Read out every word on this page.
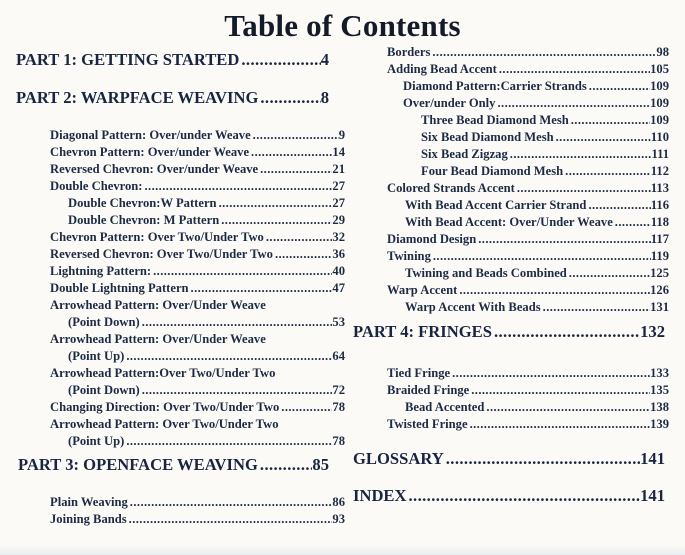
Table of Contents
PART 1: GETTING STARTED .....	4
PART 2: WARPFACE WEAVING .....	8
Diagonal Pattern: Over/under Weave .....	9
Chevron Pattern: Over/under Weave .....	14
Reversed Chevron: Over/under Weave .....	21
Double Chevron: .....	27
Double Chevron:W Pattern .....	27
Double Chevron: M Pattern .....	29
Chevron Pattern: Over Two/Under Two .....	32
Reversed Chevron: Over Two/Under Two .....	36
Lightning Pattern: .....	40
Double Lightning Pattern .....	47
Arrowhead Pattern: Over/Under Weave
(Point Down) .....	53
Arrowhead Pattern: Over/Under Weave
(Point Up) .....	64
Arrowhead Pattern:Over Two/Under Two
(Point Down) .....	72
Changing Direction: Over Two/Under Two .....	78
Arrowhead Pattern: Over Two/Under Two
(Point Up) .....	78
PART 3: OPENFACE WEAVING .....	85
Plain Weaving .....	86
Joining Bands .....	93
Borders .....	98
Adding Bead Accent .....	105
Diamond Pattern:Carrier Strands .....	109
Over/under Only .....	109
Three Bead Diamond Mesh .....	109
Six Bead Diamond Mesh .....	110
Six Bead Zigzag .....	111
Four Bead Diamond Mesh .....	112
Colored Strands Accent .....	113
With Bead Accent Carrier Strand .....	116
With Bead Accent: Over/Under Weave .....	118
Diamond Design .....	117
Twining .....	119
Twining and Beads Combined .....	125
Warp Accent .....	126
Warp Accent With Beads .....	131
PART 4: FRINGES .....	132
Tied Fringe .....	133
Braided Fringe .....	135
Bead Accented .....	138
Twisted Fringe .....	139
GLOSSARY .....	141
INDEX .....	141
